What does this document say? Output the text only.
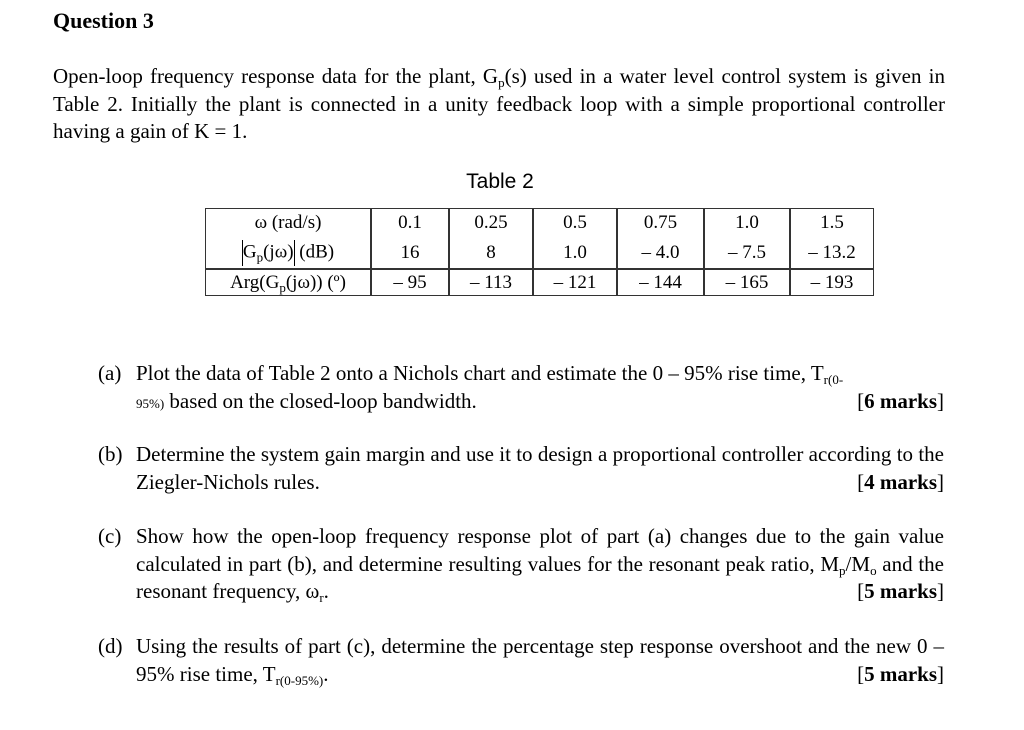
Question 3
Open-loop frequency response data for the plant, $G_p(s)$ used in a water level control system is given in Table 2. Initially the plant is connected in a unity feedback loop with a simple proportional controller having a gain of K = 1.
Table 2
ω (rad/s)	0.1	0.25	0.5	0.75	1.0	1.5
$G_p(j\omega)$ (dB)	16	8	1.0	– 4.0	– 7.5	– 13.2
$Arg(G_p(j\omega))$ (º)	– 95	– 113	– 121	– 144	– 165	– 193
(a) Plot the data of Table 2 onto a Nichols chart and estimate the 0 – 95% rise time, $T_{r(0-}$
95%) based on the closed-loop bandwidth.	[6 marks]
(b) Determine the system gain margin and use it to design a proportional controller according to the Ziegler-Nichols rules.	[4 marks]
(c) Show how the open-loop frequency response plot of part (a) changes due to the gain value calculated in part (b), and determine resulting values for the resonant peak ratio, $M_p/M_o$ and the resonant frequency, $\omega_r$.	[5 marks]
(d) Using the results of part (c), determine the percentage step response overshoot and the new 0 – 95% rise time, $T_{r(0-95\%)}$.	[5 marks]
